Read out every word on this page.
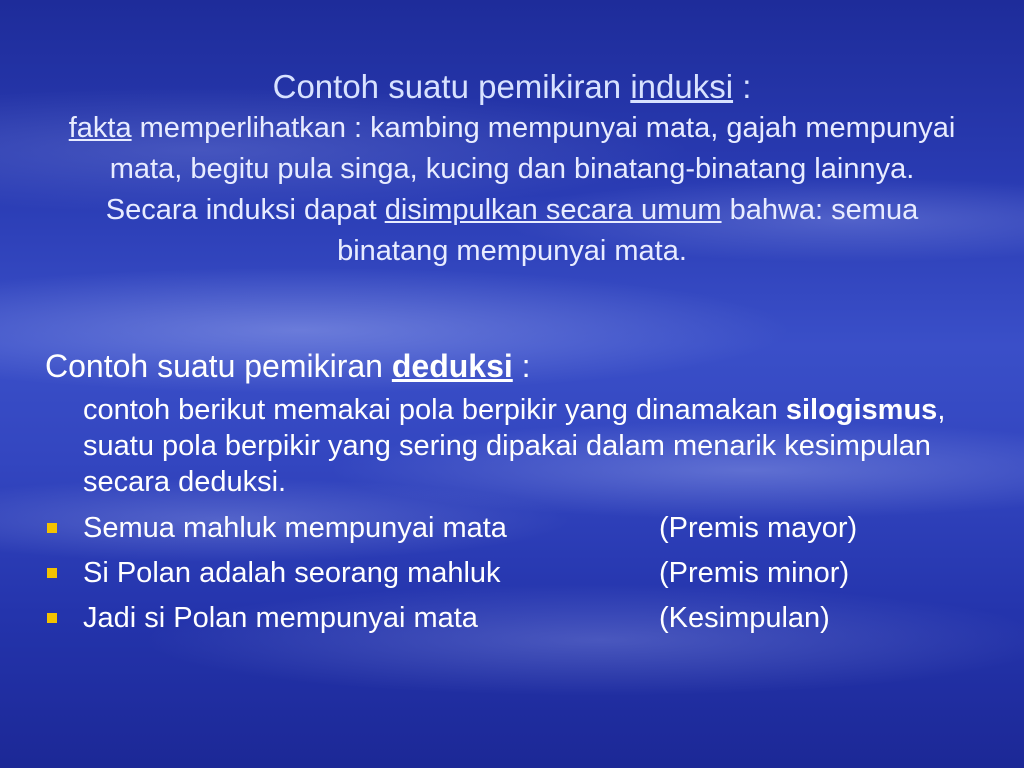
Contoh suatu pemikiran induksi :
fakta memperlihatkan : kambing mempunyai mata, gajah mempunyai mata, begitu pula singa, kucing dan binatang-binatang lainnya. Secara induksi dapat disimpulkan secara umum bahwa: semua binatang mempunyai mata.
Contoh suatu pemikiran deduksi :
contoh berikut memakai pola berpikir yang dinamakan silogismus, suatu pola berpikir yang sering dipakai dalam menarik kesimpulan secara deduksi.
Semua mahluk mempunyai mata	(Premis mayor)
Si Polan adalah seorang mahluk	(Premis minor)
Jadi si Polan mempunyai mata	(Kesimpulan)
